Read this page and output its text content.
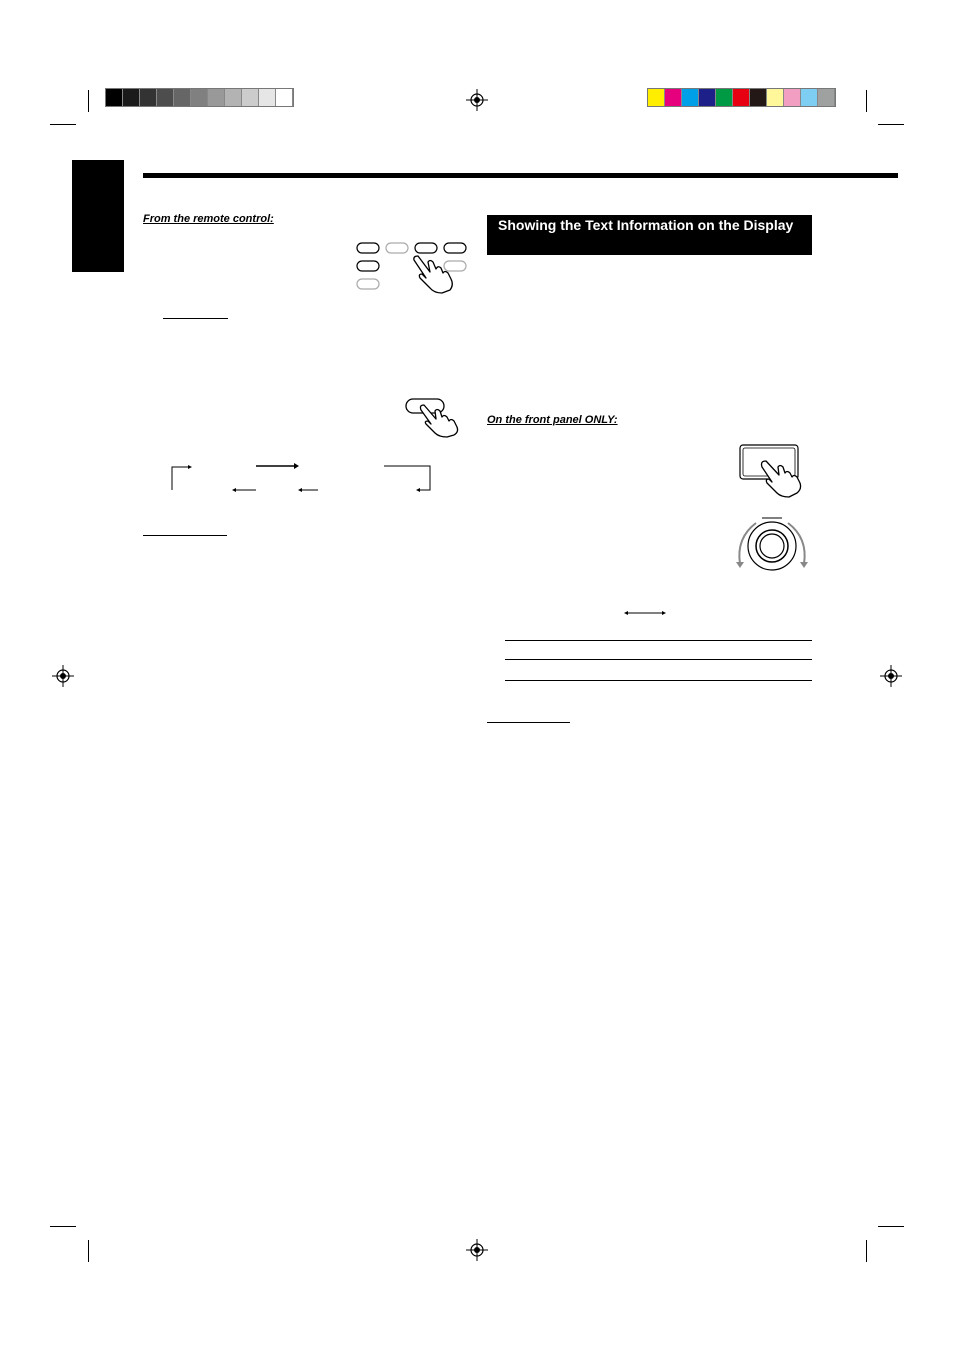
From the remote control:	Showing the Text Information on the Display
On the front panel ONLY:
